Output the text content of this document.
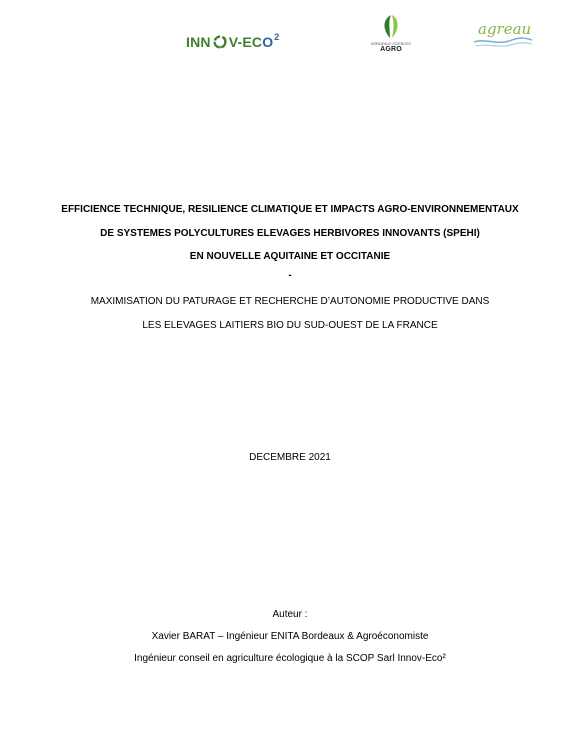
INN V-EC $O^2$
BORDEAUX SCIENCES
AGRO
agreau
EFFICIENCE TECHNIQUE, RESILIENCE CLIMATIQUE ET IMPACTS AGRO-ENVIRONNEMENTAUX
DE SYSTEMES POLYCULTURES ELEVAGES HERBIVORES INNOVANTS (SPEHI)
EN NOUVELLE AQUITAINE ET OCCITANIE
-
MAXIMISATION DU PATURAGE ET RECHERCHE D’AUTONOMIE PRODUCTIVE DANS
LES ELEVAGES LAITIERS BIO DU SUD-OUEST DE LA FRANCE
DECEMBRE 2021
Auteur :
Xavier BARAT – Ingénieur ENITA Bordeaux & Agroéconomiste
Ingénieur conseil en agriculture écologique à la SCOP Sarl Innov-Eco²
